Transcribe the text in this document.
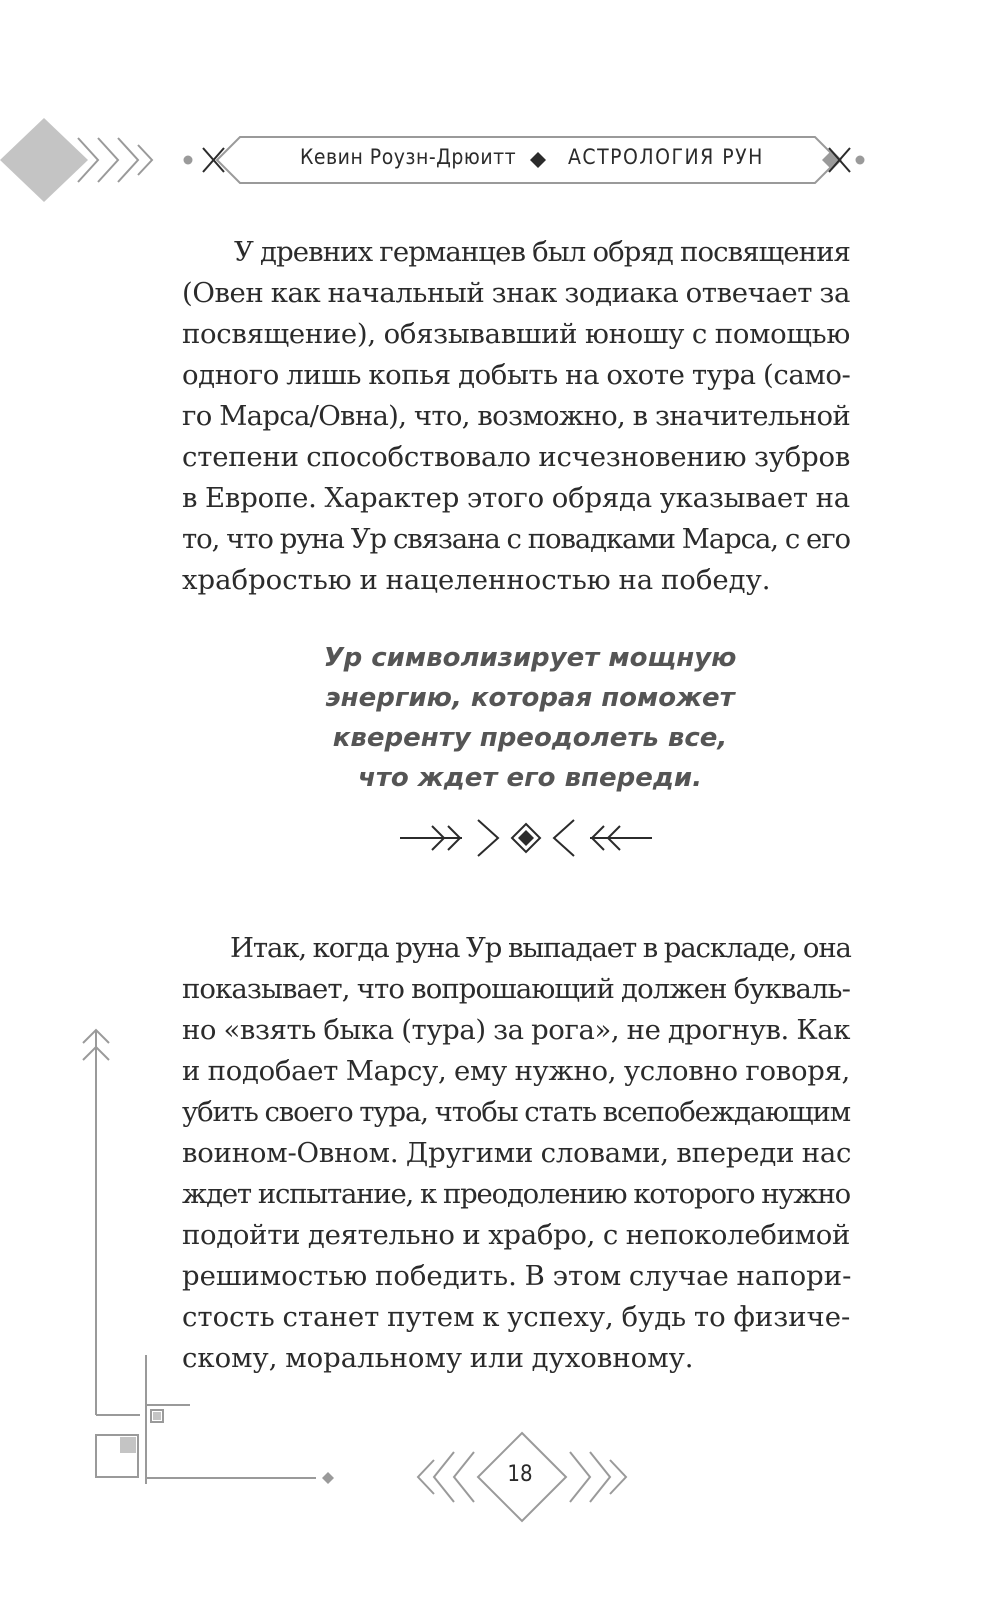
Кевин Роузн-Дрюитт АСТРОЛОГИЯ РУН

У древних германцев был обряд посвящения
(Овен как начальный знак зодиака отвечает за
посвящение), обязывавший юношу с помощью
одного лишь копья добыть на охоте тура (само-
го Марса/Овна), что, возможно, в значительной
степени способствовало исчезновению зубров
в Европе. Характер этого обряда указывает на
то, что руна Ур связана с повадками Марса, с его
храбростью и нацеленностью на победу.

Ур символизирует мощную
энергию, которая поможет
кверенту преодолеть все,
что ждет его впереди.

Итак, когда руна Ур выпадает в раскладе, она
показывает, что вопрошающий должен букваль-
но «взять быка (тура) за рога», не дрогнув. Как
и подобает Марсу, ему нужно, условно говоря,
убить своего тура, чтобы стать всепобеждающим
воином-Овном. Другими словами, впереди нас
ждет испытание, к преодолению которого нужно
подойти деятельно и храбро, с непоколебимой
решимостью победить. В этом случае напори-
стость станет путем к успеху, будь то физиче-
скому, моральному или духовному.

18
